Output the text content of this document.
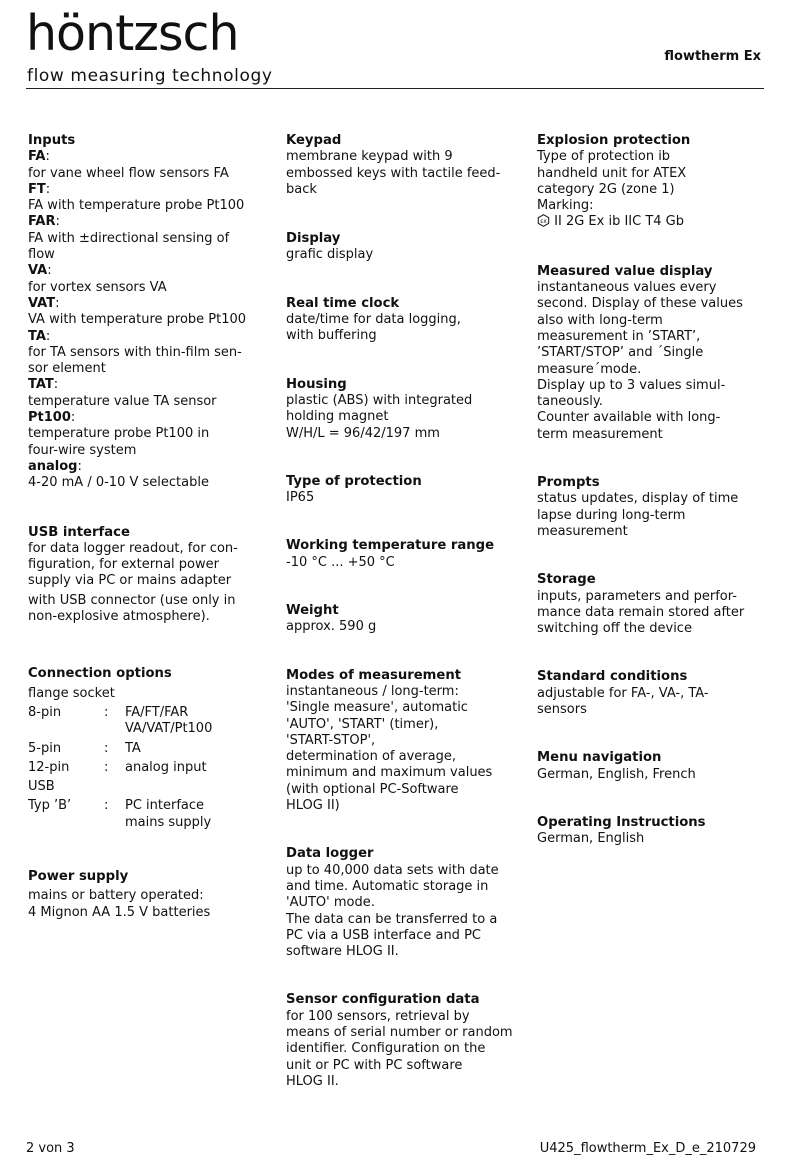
höntzsch
flow measuring technology
flowtherm Ex
Inputs
FA:
for vane wheel flow sensors FA
FT:
FA with temperature probe Pt100
FAR:
FA with ±directional sensing of
flow
VA:
for vortex sensors VA
VAT:
VA with temperature probe Pt100
TA:
for TA sensors with thin-film sen-
sor element
TAT:
temperature value TA sensor
Pt100:
temperature probe Pt100 in
four-wire system
analog:
4-20 mA / 0-10 V selectable
USB interface
for data logger readout, for con-
figuration, for external power
supply via PC or mains adapter
with USB connector (use only in
non-explosive atmosphere).
Connection options
flange socket
8-pin	:	FA/FT/FAR
VA/VAT/Pt100
5-pin	:	TA
12-pin	:	analog input
USB
Typ ’B’	:	PC interface
mains supply
Power supply
mains or battery operated:
4 Mignon AA 1.5 V batteries
Keypad
membrane keypad with 9
embossed keys with tactile feed-
back
Display
grafic display
Real time clock
date/time for data logging,
with buffering
Housing
plastic (ABS) with integrated
holding magnet
W/H/L = 96/42/197 mm
Type of protection
IP65
Working temperature range
-10 °C ... +50 °C
Weight
approx. 590 g
Modes of measurement
instantaneous / long-term:
'Single measure', automatic
'AUTO', 'START' (timer),
'START-STOP',
determination of average,
minimum and maximum values
(with optional PC-Software
HLOG II)
Data logger
up to 40,000 data sets with date
and time. Automatic storage in
'AUTO' mode.
The data can be transferred to a
PC via a USB interface and PC
software HLOG II.
Sensor configuration data
for 100 sensors, retrieval by
means of serial number or random
identifier. Configuration on the
unit or PC with PC software
HLOG II.
Explosion protection
Type of protection ib
handheld unit for ATEX
category 2G (zone 1)
Marking:
εx II 2G Ex ib IIC T4 Gb
Measured value display
instantaneous values every
second. Display of these values
also with long-term
measurement in ’START’,
’START/STOP’ and ´Single
measure´mode.
Display up to 3 values simul-
taneously.
Counter available with long-
term measurement
Prompts
status updates, display of time
lapse during long-term
measurement
Storage
inputs, parameters and perfor-
mance data remain stored after
switching off the device
Standard conditions
adjustable for FA-, VA-, TA-
sensors
Menu navigation
German, English, French
Operating Instructions
German, English
2 von 3	U425_flowtherm_Ex_D_e_210729
